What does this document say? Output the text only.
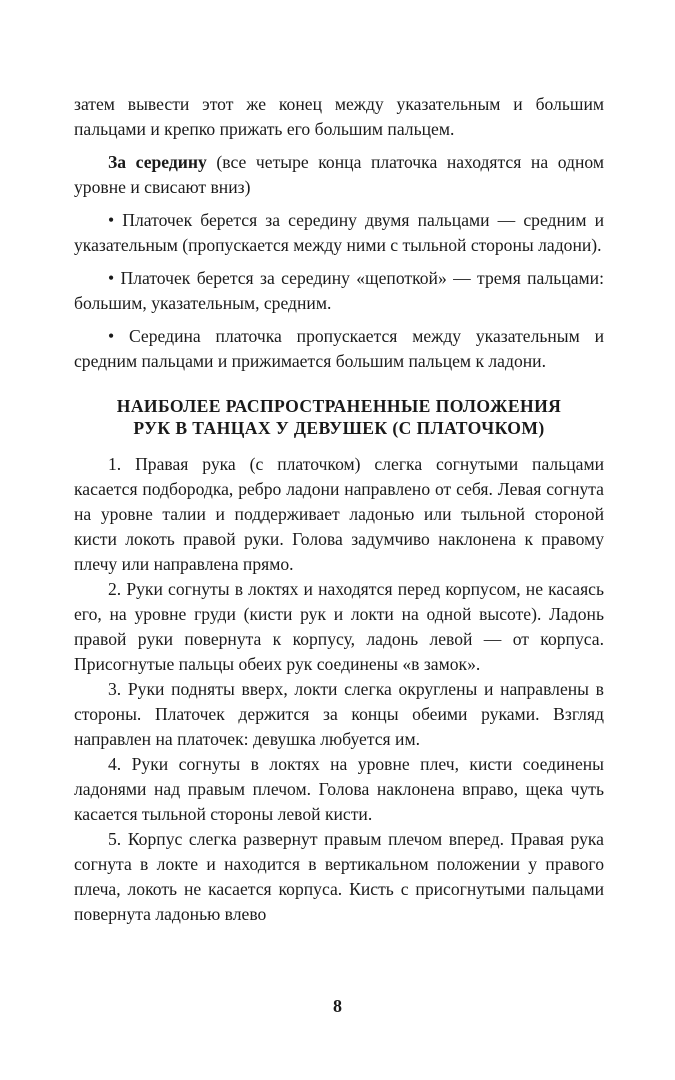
затем вывести этот же конец между указательным и большим пальцами и крепко прижать его большим пальцем.

За середину (все четыре конца платочка находятся на одном уровне и свисают вниз)

• Платочек берется за середину двумя пальцами — средним и указательным (пропускается между ними с тыльной стороны ладони).

• Платочек берется за середину «щепоткой» — тремя пальцами: большим, указательным, средним.

• Середина платочка пропускается между указательным и средним пальцами и прижимается большим пальцем к ладони.

НАИБОЛЕЕ РАСПРОСТРАНЕННЫЕ ПОЛОЖЕНИЯ
РУК В ТАНЦАХ У ДЕВУШЕК (С ПЛАТОЧКОМ)

1. Правая рука (с платочком) слегка согнутыми пальцами касается подбородка, ребро ладони направлено от себя. Левая согнута на уровне талии и поддерживает ладонью или тыльной стороной кисти локоть правой руки. Голова задумчиво наклонена к правому плечу или направлена прямо.

2. Руки согнуты в локтях и находятся перед корпусом, не касаясь его, на уровне груди (кисти рук и локти на одной высоте). Ладонь правой руки повернута к корпусу, ладонь левой — от корпуса. Присогнутые пальцы обеих рук соединены «в замок».

3. Руки подняты вверх, локти слегка округлены и направлены в стороны. Платочек держится за концы обеими руками. Взгляд направлен на платочек: девушка любуется им.

4. Руки согнуты в локтях на уровне плеч, кисти соединены ладонями над правым плечом. Голова наклонена вправо, щека чуть касается тыльной стороны левой кисти.

5. Корпус слегка развернут правым плечом вперед. Правая рука согнута в локте и находится в вертикальном положении у правого плеча, локоть не касается корпуса. Кисть с присогнутыми пальцами повернута ладонью влево

8
